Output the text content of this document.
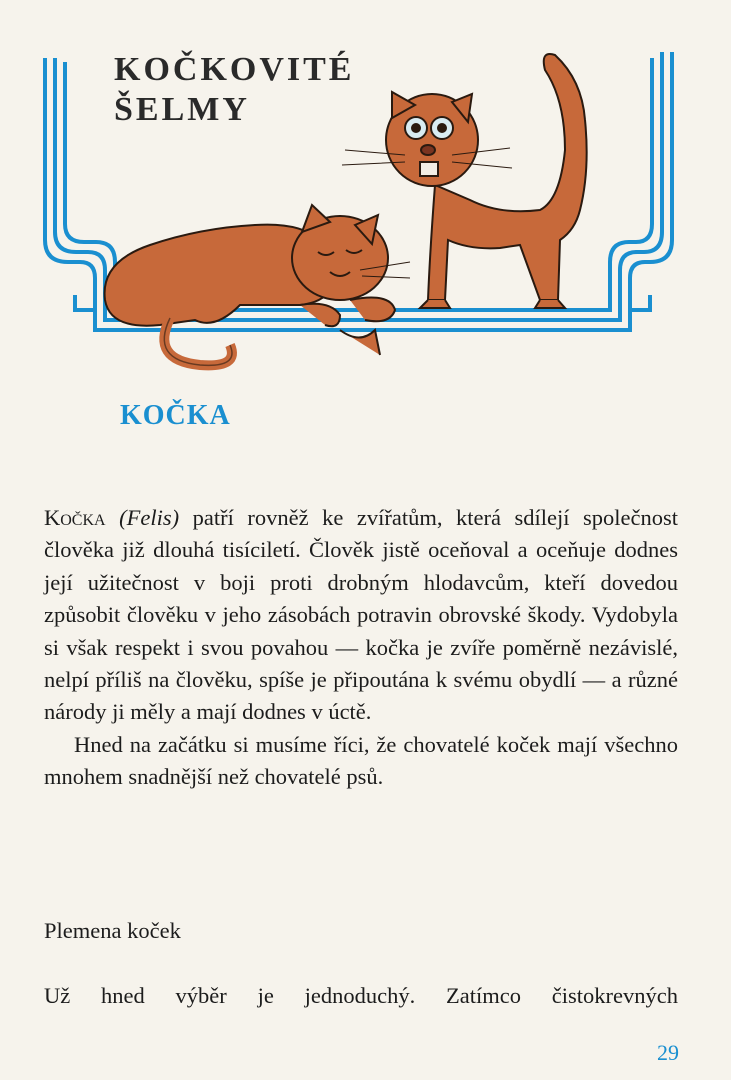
KOČKOVITÉ
ŠELMY
KOČKA

Kočka (Felis) patří rovněž ke zvířatům, která sdílejí společnost člověka již dlouhá tisíciletí. Člověk jistě oceňoval a oceňuje dodnes její užitečnost v boji proti drobným hlodavcům, kteří dovedou způsobit člověku v jeho zásobách potravin obrovské škody. Vydobyla si však respekt i svou povahou — kočka je zvíře poměrně nezávislé, nelpí příliš na člověku, spíše je připoutána k svému obydlí — a různé národy ji měly a mají dodnes v úctě.

Hned na začátku si musíme říci, že chovatelé koček mají všechno mnohem snadnější než chovatelé psů.

Plemena koček

Už hned výběr je jednoduchý. Zatímco čistokrevných

29
